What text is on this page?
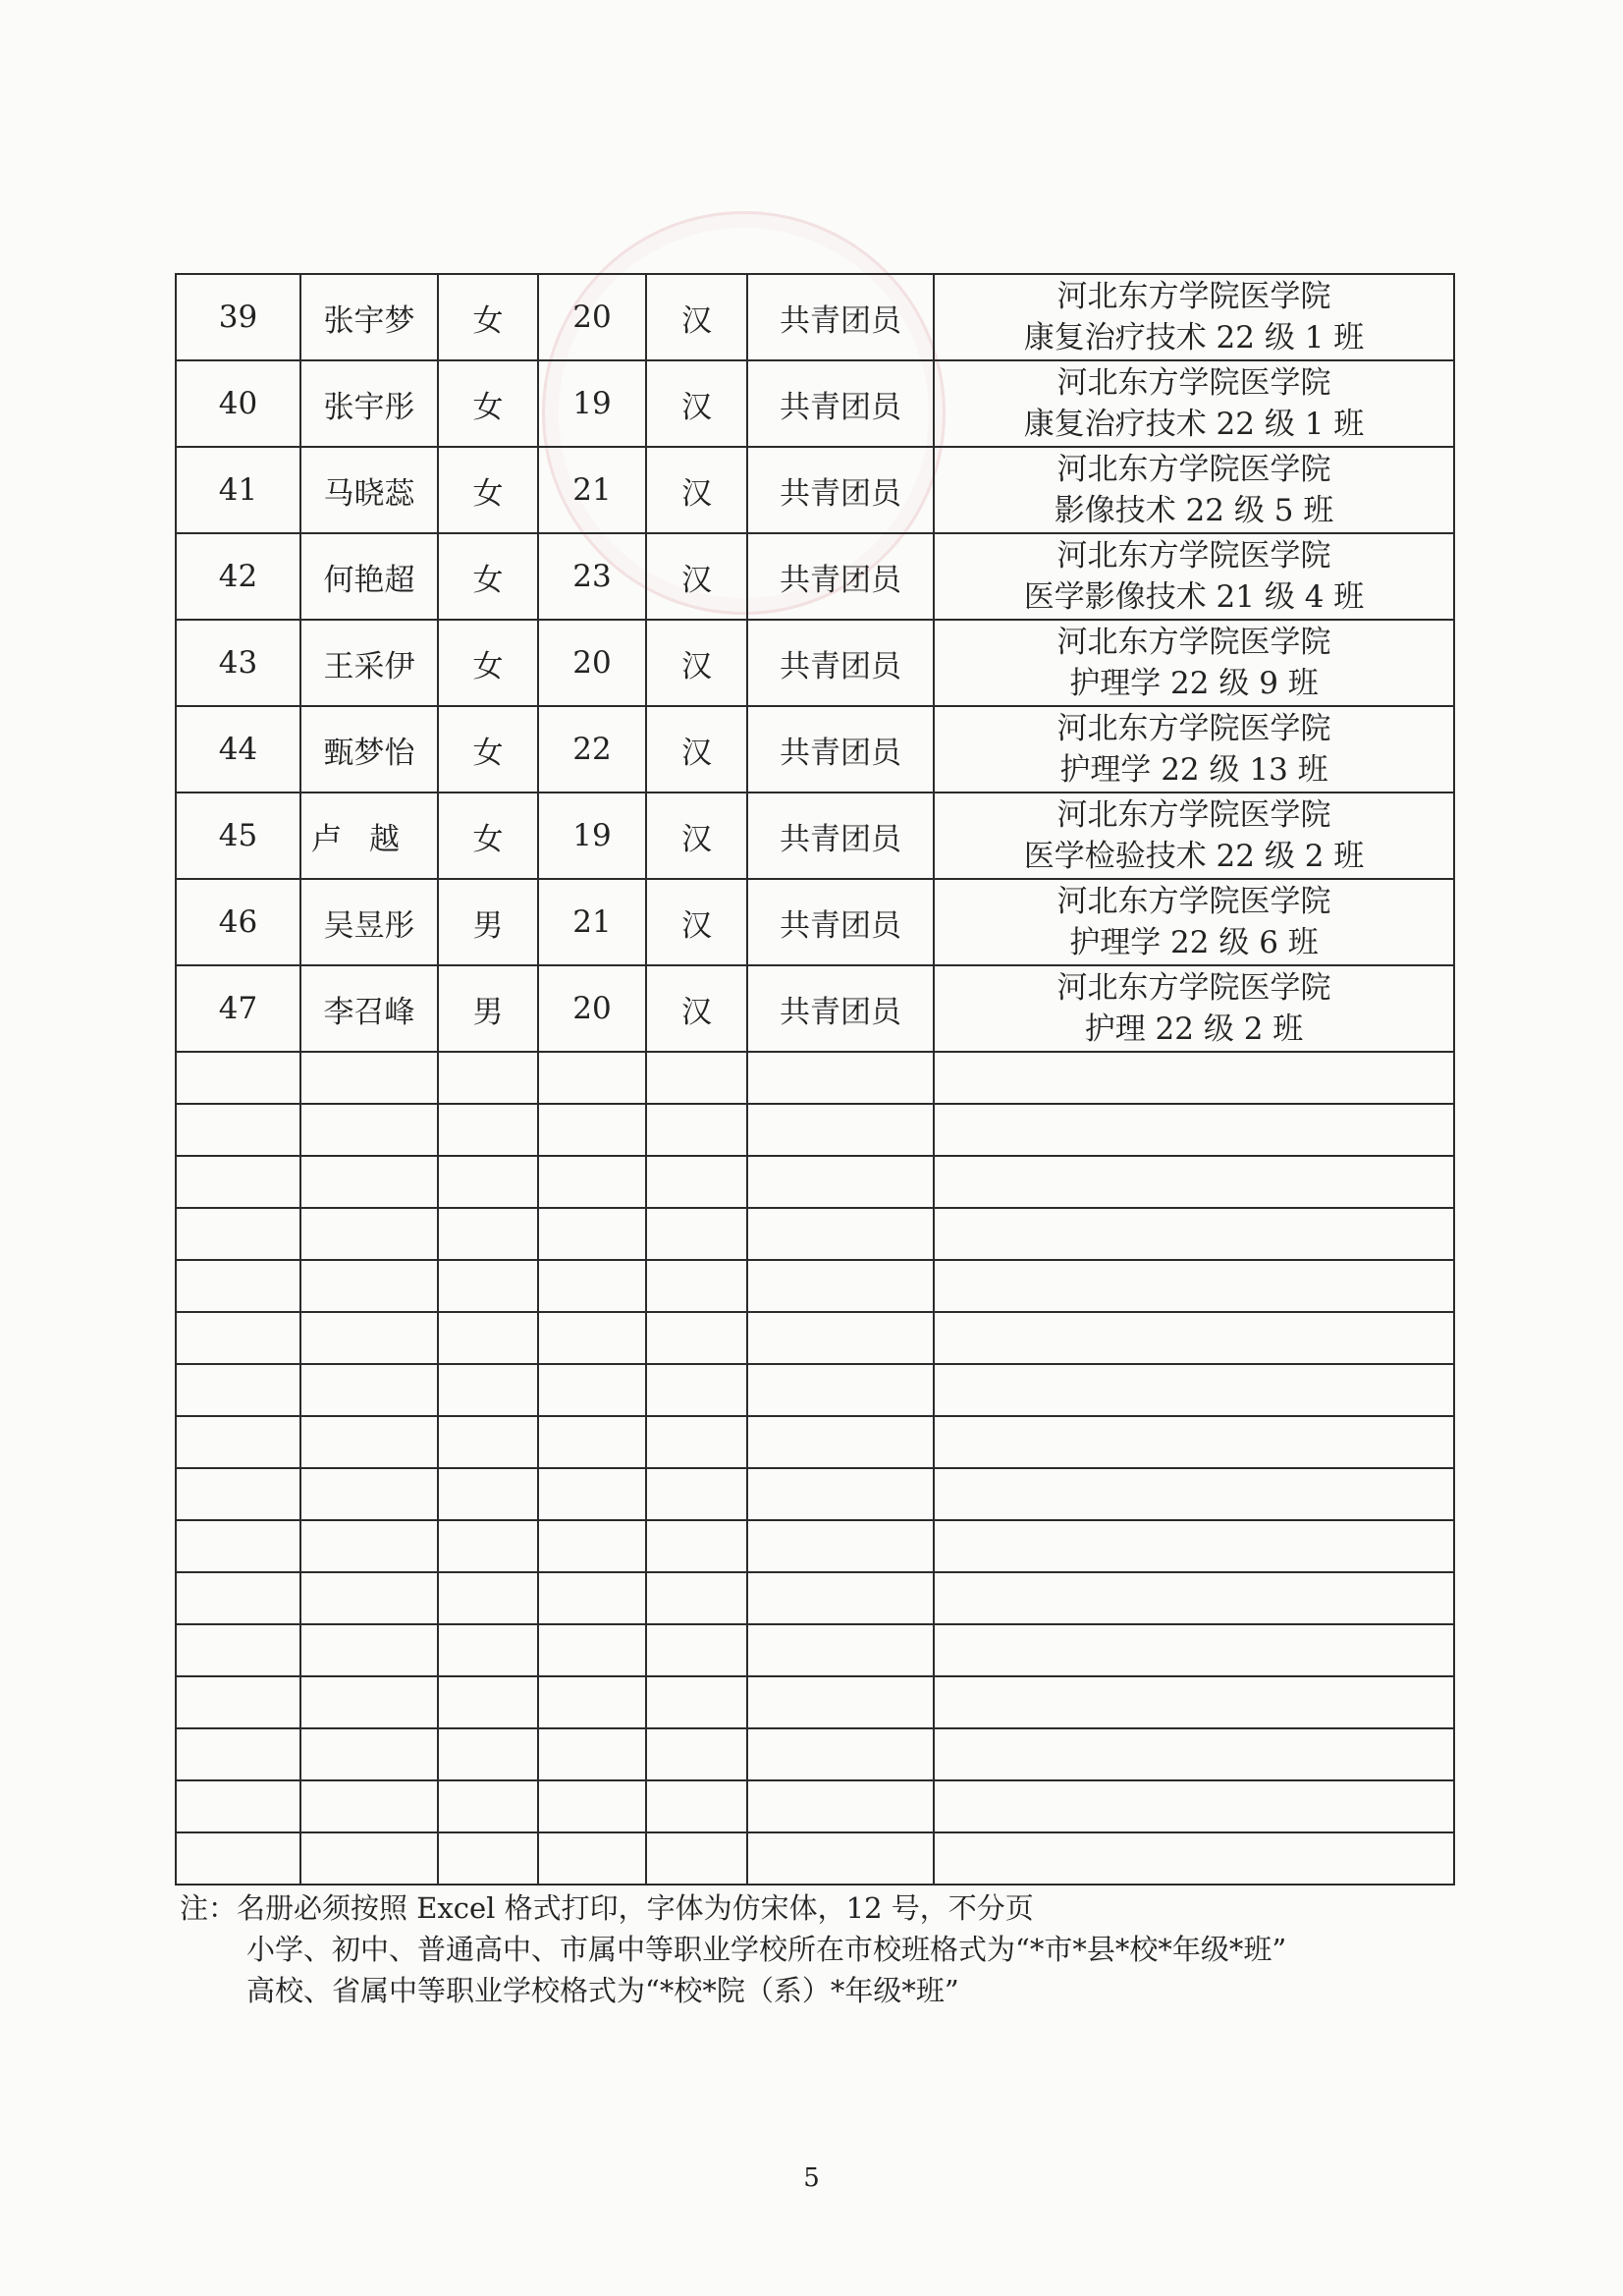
39	张宇梦	女	20	汉	共青团员	河北东方学院医学院
康复治疗技术 22 级 1 班

40	张宇彤	女	19	汉	共青团员	河北东方学院医学院
康复治疗技术 22 级 1 班

41	马晓蕊	女	21	汉	共青团员	河北东方学院医学院
影像技术 22 级 5 班

42	何艳超	女	23	汉	共青团员	河北东方学院医学院
医学影像技术 21 级 4 班

43	王采伊	女	20	汉	共青团员	河北东方学院医学院
护理学 22 级 9 班

44	甄梦怡	女	22	汉	共青团员	河北东方学院医学院
护理学 22 级 13 班

45	卢越	女	19	汉	共青团员	河北东方学院医学院
医学检验技术 22 级 2 班

46	吴昱彤	男	21	汉	共青团员	河北东方学院医学院
护理学 22 级 6 班

47	李召峰	男	20	汉	共青团员	河北东方学院医学院
护理 22 级 2 班

注：名册必须按照 Excel 格式打印，字体为仿宋体，12 号，不分页
小学、初中、普通高中、市属中等职业学校所在市校班格式为“*市*县*校*年级*班”
高校、省属中等职业学校格式为“*校*院（系）*年级*班”
5
